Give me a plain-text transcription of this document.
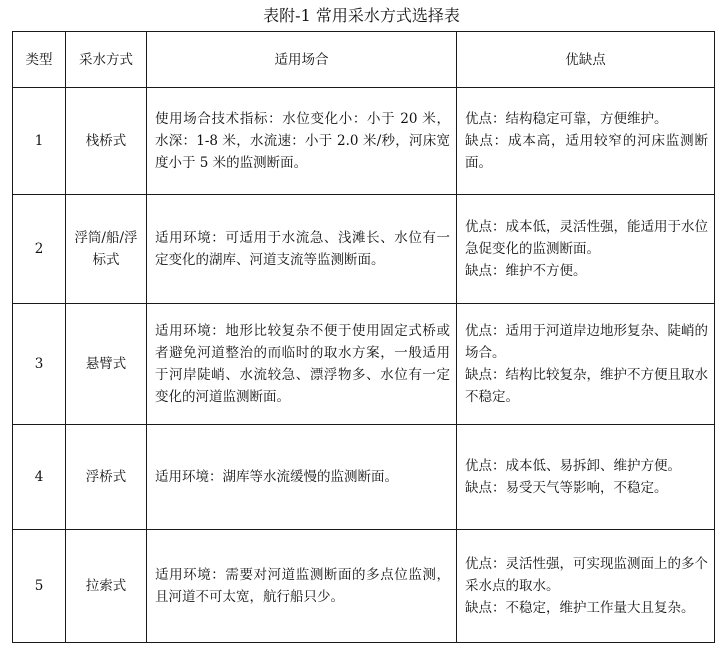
表附-1 常用采水方式选择表
类型	采水方式	适用场合	优缺点
1	栈桥式	使用场合技术指标：水位变化小：小于 20 米，水深：1-8 米，水流速：小于 2.0 米/秒，河床宽度小于 5 米的监测断面。	优点：结构稳定可靠，方便维护。
缺点：成本高，适用较窄的河床监测断面。

2	浮筒/船/浮标式	适用环境：可适用于水流急、浅滩长、水位有一定变化的湖库、河道支流等监测断面。	优点：成本低，灵活性强，能适用于水位急促变化的监测断面。
缺点：维护不方便。

3	悬臂式	适用环境：地形比较复杂不便于使用固定式桥或者避免河道整治的而临时的取水方案，一般适用于河岸陡峭、水流较急、漂浮物多、水位有一定变化的河道监测断面。	优点：适用于河道岸边地形复杂、陡峭的场合。
缺点：结构比较复杂，维护不方便且取水不稳定。

4	浮桥式	适用环境：湖库等水流缓慢的监测断面。	优点：成本低、易拆卸、维护方便。
缺点：易受天气等影响，不稳定。

5	拉索式	适用环境：需要对河道监测断面的多点位监测，且河道不可太宽，航行船只少。	优点：灵活性强，可实现监测面上的多个采水点的取水。
缺点：不稳定，维护工作量大且复杂。
